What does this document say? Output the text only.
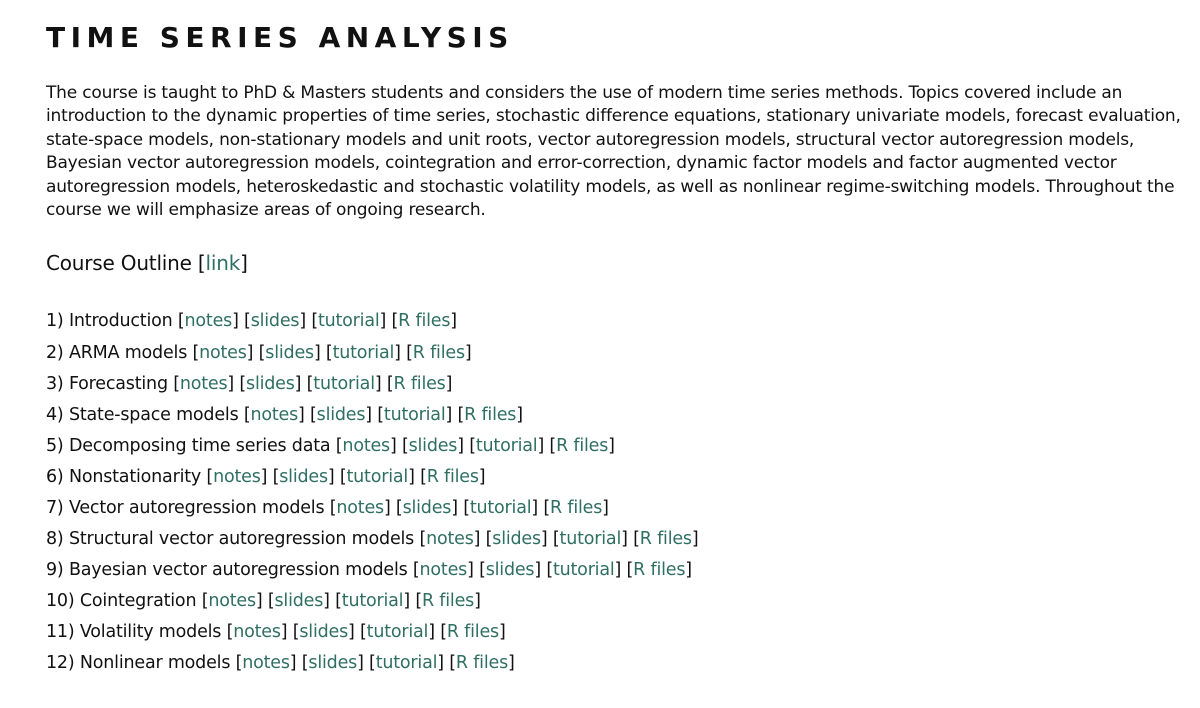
TIME SERIES ANALYSIS

The course is taught to PhD & Masters students and considers the use of modern time series methods. Topics covered include an introduction to the dynamic properties of time series, stochastic difference equations, stationary univariate models, forecast evaluation, state-space models, non-stationary models and unit roots, vector autoregression models, structural vector autoregression models, Bayesian vector autoregression models, cointegration and error-correction, dynamic factor models and factor augmented vector autoregression models, heteroskedastic and stochastic volatility models, as well as nonlinear regime-switching models. Throughout the course we will emphasize areas of ongoing research.

Course Outline [link]
1) Introduction [notes] [slides] [tutorial] [R files]
2) ARMA models [notes] [slides] [tutorial] [R files]
3) Forecasting [notes] [slides] [tutorial] [R files]
4) State-space models [notes] [slides] [tutorial] [R files]
5) Decomposing time series data [notes] [slides] [tutorial] [R files]
6) Nonstationarity [notes] [slides] [tutorial] [R files]
7) Vector autoregression models [notes] [slides] [tutorial] [R files]
8) Structural vector autoregression models [notes] [slides] [tutorial] [R files]
9) Bayesian vector autoregression models [notes] [slides] [tutorial] [R files]
10) Cointegration [notes] [slides] [tutorial] [R files]
11) Volatility models [notes] [slides] [tutorial] [R files]
12) Nonlinear models [notes] [slides] [tutorial] [R files]
